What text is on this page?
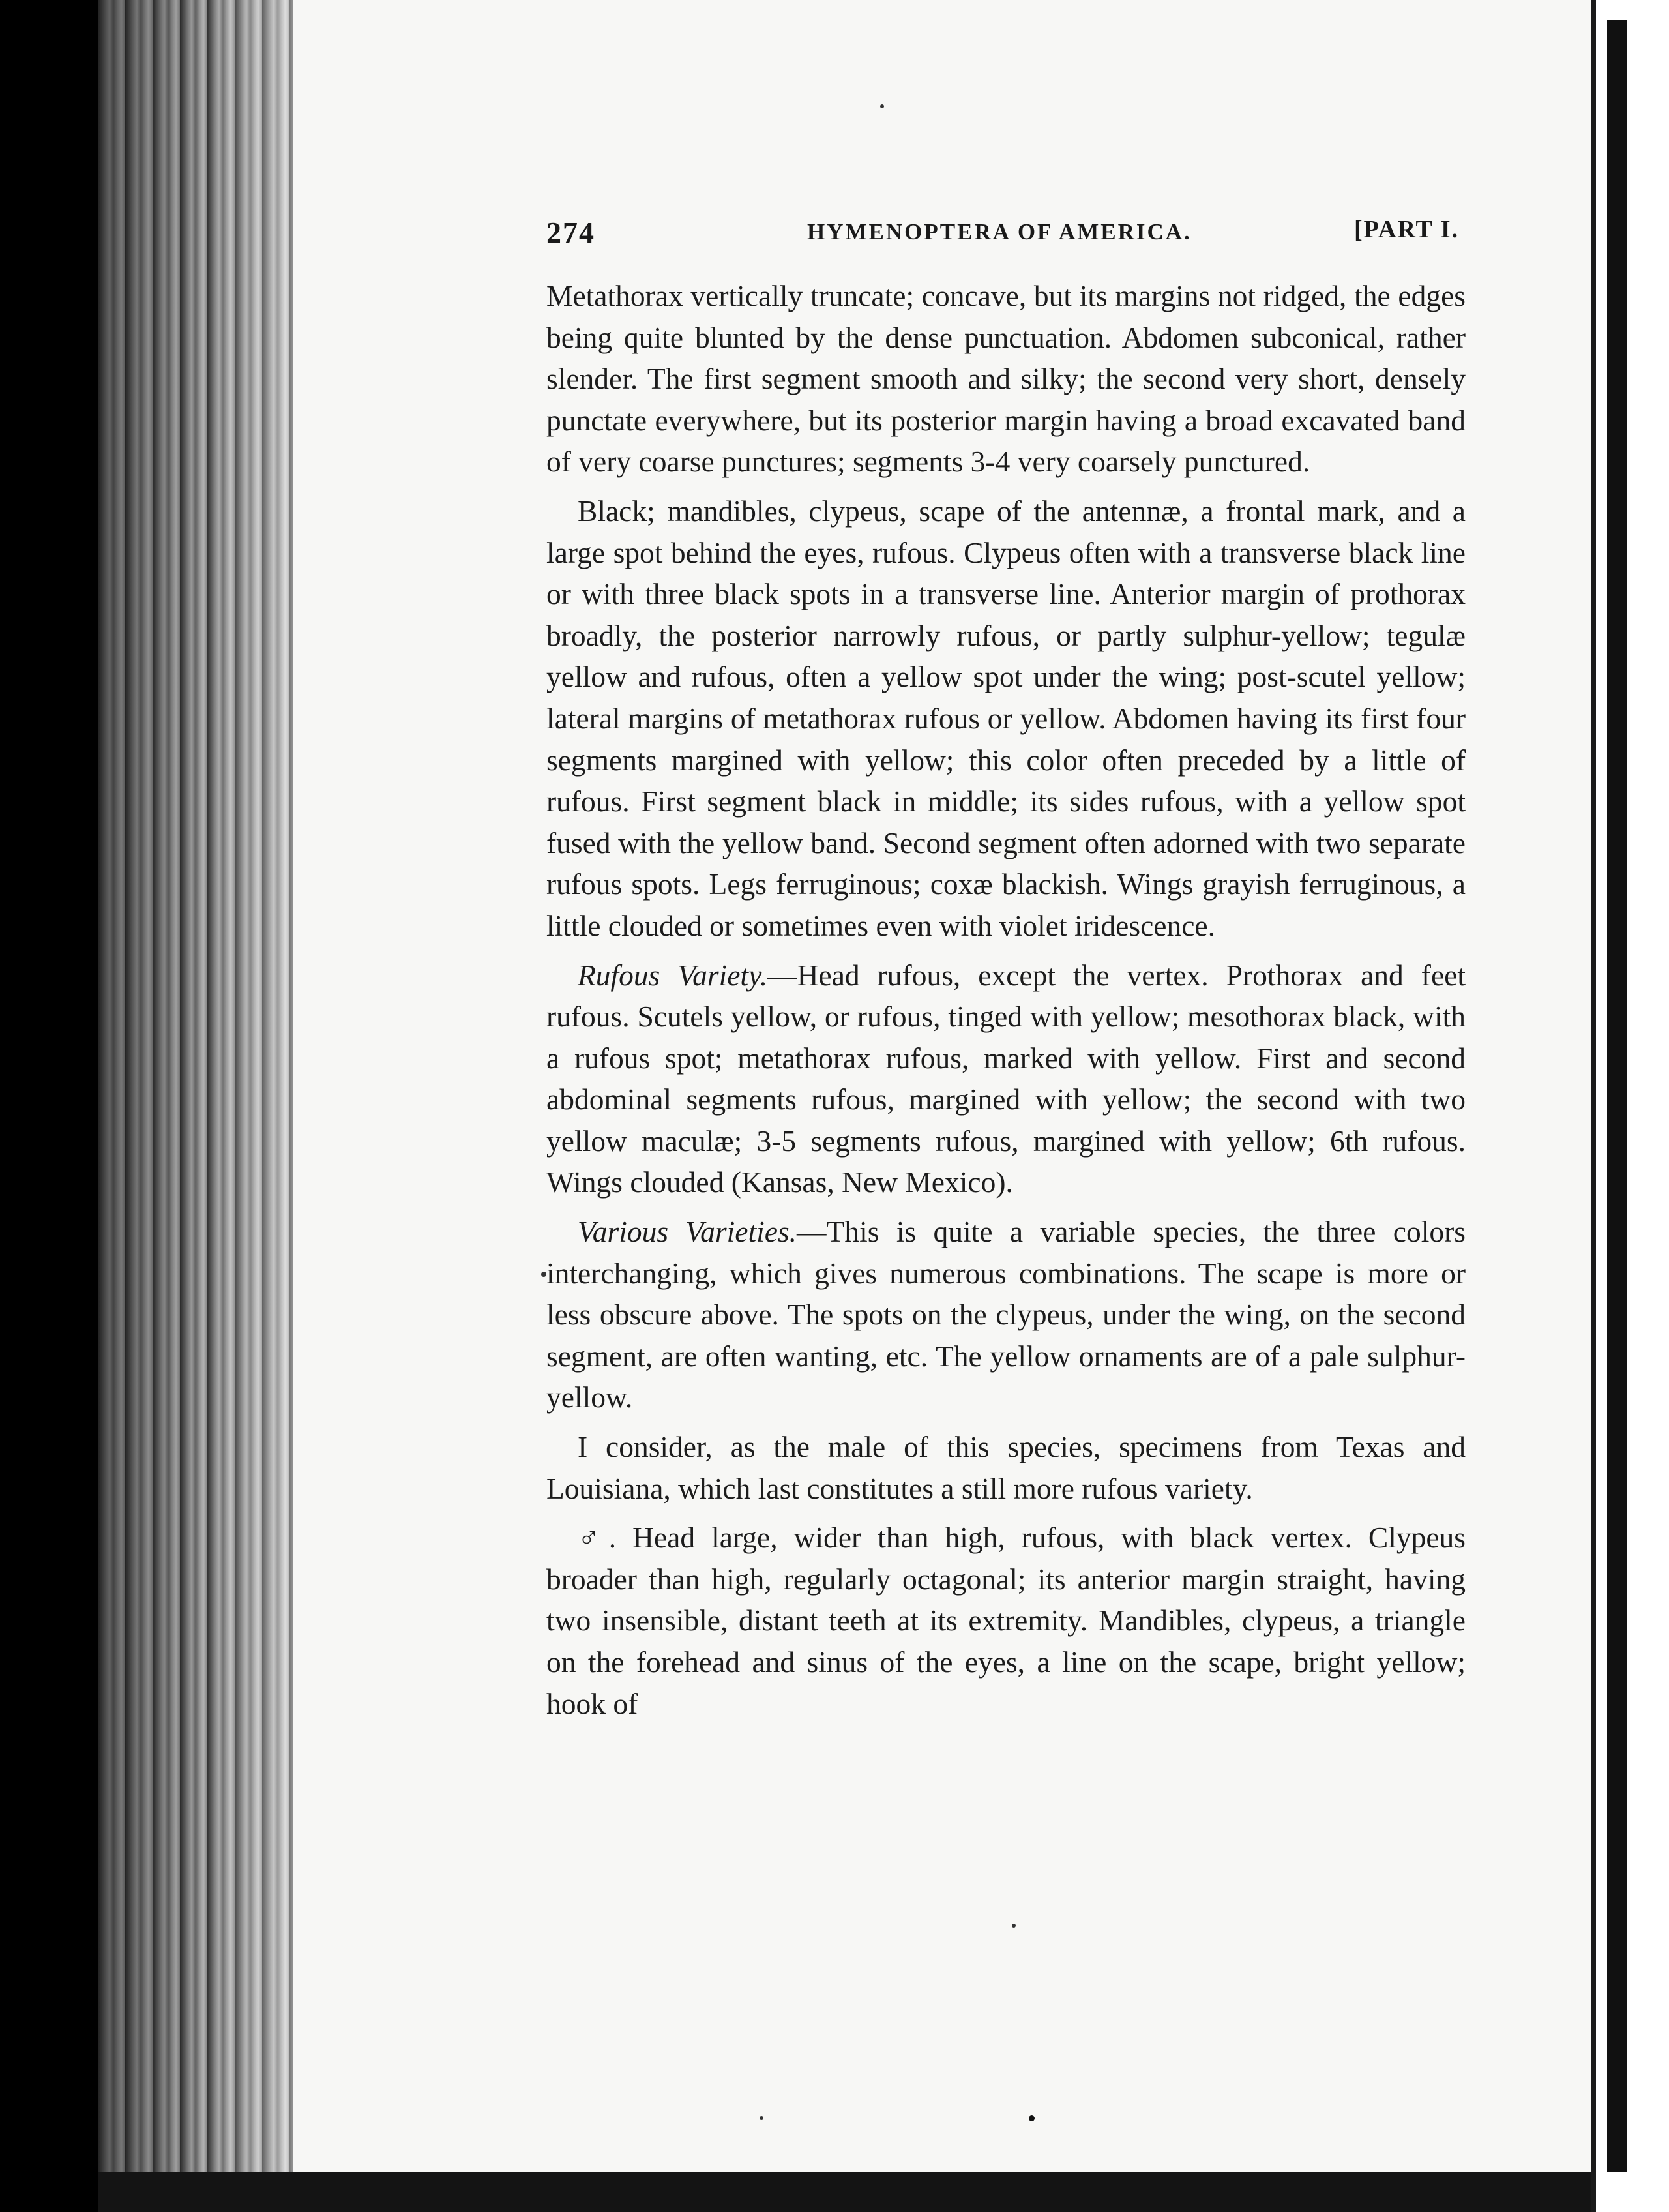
274	HYMENOPTERA OF AMERICA.	[PART I.

Metathorax vertically truncate; concave, but its margins not ridged, the edges being quite blunted by the dense punctuation. Abdomen subconical, rather slender. The first segment smooth and silky; the second very short, densely punctate everywhere, but its posterior margin having a broad excavated band of very coarse punctures; segments 3-4 very coarsely punctured.

Black; mandibles, clypeus, scape of the antennæ, a frontal mark, and a large spot behind the eyes, rufous. Clypeus often with a transverse black line or with three black spots in a transverse line. Anterior margin of prothorax broadly, the posterior narrowly rufous, or partly sulphur-yellow; tegulæ yellow and rufous, often a yellow spot under the wing; post-scutel yellow; lateral margins of metathorax rufous or yellow. Abdomen having its first four segments margined with yellow; this color often preceded by a little of rufous. First segment black in middle; its sides rufous, with a yellow spot fused with the yellow band. Second segment often adorned with two separate rufous spots. Legs ferruginous; coxæ blackish. Wings grayish ferruginous, a little clouded or sometimes even with violet iridescence.

Rufous Variety.—Head rufous, except the vertex. Prothorax and feet rufous. Scutels yellow, or rufous, tinged with yellow; mesothorax black, with a rufous spot; metathorax rufous, marked with yellow. First and second abdominal segments rufous, margined with yellow; the second with two yellow maculæ; 3-5 segments rufous, margined with yellow; 6th rufous. Wings clouded (Kansas, New Mexico).

Various Varieties.—This is quite a variable species, the three colors interchanging, which gives numerous combinations. The scape is more or less obscure above. The spots on the clypeus, under the wing, on the second segment, are often wanting, etc. The yellow ornaments are of a pale sulphur-yellow.

I consider, as the male of this species, specimens from Texas and Louisiana, which last constitutes a still more rufous variety.

♂. Head large, wider than high, rufous, with black vertex. Clypeus broader than high, regularly octagonal; its anterior margin straight, having two insensible, distant teeth at its extremity. Mandibles, clypeus, a triangle on the forehead and sinus of the eyes, a line on the scape, bright yellow; hook of
